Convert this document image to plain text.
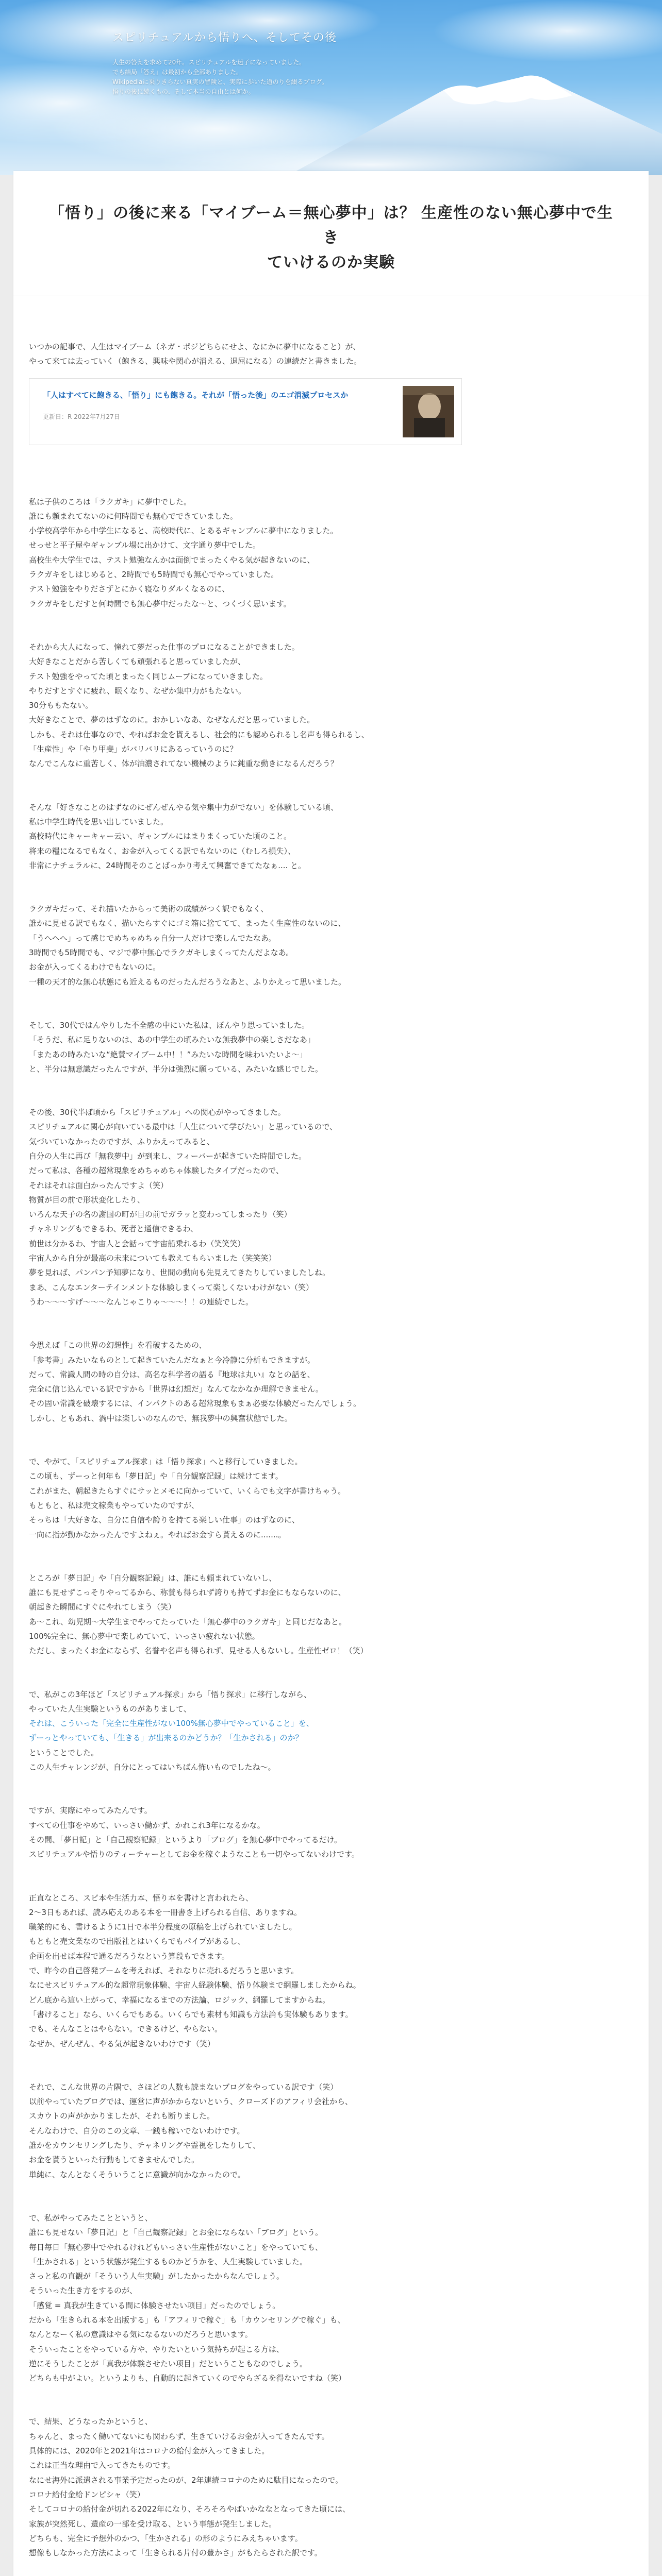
スピリチュアルから悟りへ、そしてその後

人生の答えを求めて20年。スピリチュアルを迷子になっていました。

でも結局「答え」は最初から全部ありました。

Wikipediaに乗りきらない真実の冒険と、実際に歩いた道のりを綴るブログ。

悟りの後に続くもの、そして本当の自由とは何か。

「悟り」の後に来る「マイブーム＝無心夢中」は？ 生産性のない無心夢中で生き
ていけるのか実験

いつかの記事で、人生はマイブーム（ネガ・ポジどちらにせよ、なにかに夢中になること）が、
やって来ては去っていく（飽きる、興味や関心が消える、退屈になる）の連続だと書きました。

「人はすべてに飽きる、「悟り」にも飽きる。それが「悟った後」のエゴ消滅プロセスか
更新日：R 2022年7月27日

私は子供のころは「ラクガキ」に夢中でした。
誰にも頼まれてないのに何時間でも無心でできていました。
小学校高学年から中学生になると、高校時代に、とあるギャンブルに夢中になりました。
せっせと平子屋やギャンブル場に出かけて、文字通り夢中でした。
高校生や大学生では、テスト勉強なんかは面倒でまったくやる気が起きないのに、
ラクガキをしはじめると、2時間でも5時間でも無心でやっていました。
テスト勉強をやりださずとにかく寝なりダルくなるのに、
ラクガキをしだすと何時間でも無心夢中だったな〜と、つくづく思います。

それから大人になって、憧れて夢だった仕事のプロになることができました。
大好きなことだから苦しくても頑張れると思っていましたが、
テスト勉強をやってた頃とまったく同じムーブになっていきました。
やりだすとすぐに疲れ、眠くなり、なぜか集中力がもたない。
30分ももたない。
大好きなことで、夢のはずなのに。おかしいなあ、なぜなんだと思っていました。
しかも、それは仕事なので、やればお金を貰えるし、社会的にも認められるし名声も得られるし、
「生産性」や「やり甲斐」がバリバリにあるっていうのに？
なんでこんなに重苦しく、体が油濃されてない機械のように鈍重な動きになるんだろう？

そんな「好きなことのはずなのにぜんぜんやる気や集中力がでない」を体験している頃、
私は中学生時代を思い出していました。
高校時代にキャーキャー云い、ギャンブルにはまりまくっていた頃のこと。
将来の糧になるでもなく、お金が入ってくる訳でもないのに（むしろ損失）、
非常にナチュラルに、24時間そのことばっかり考えて興奮できてたなぁ.... と。

ラクガキだって、それ描いたからって美術の成績がつく訳でもなく、
誰かに見せる訳でもなく、描いたらすぐにゴミ箱に捨ててて、まったく生産性のないのに、
「うへへへ」って感じでめちゃめちゃ自分一人だけで楽しんでたなあ。
3時間でも5時間でも、マジで夢中無心でラクガキしまくってたんだよなあ。
お金が入ってくるわけでもないのに。
一種の天才的な無心状態にも近えるものだったんだろうなあと、ふりかえって思いました。

そして、30代ではんやりした不全感の中にいた私は、ぼんやり思っていました。
「そうだ、私に足りないのは、あの中学生の頃みたいな無我夢中の楽しさだなあ」
「またあの時みたいな“絶賛マイブーム中！！”みたいな時間を味わいたいよ〜」
と、半分は無意識だったんですが、半分は強烈に願っている、みたいな感じでした。

その後、30代半ば頃から「スピリチュアル」への関心がやってきました。
スピリチュアルに関心が向いている最中は「人生について学びたい」と思っているので、
気づいていなかったのですが、ふりかえってみると、
自分の人生に再び「無我夢中」が到来し、フィーバーが起きていた時間でした。
だって私は、各種の超常現象をめちゃめちゃ体験したタイプだったので、
それはそれは面白かったんですよ（笑）
物質が目の前で形状変化したり、
いろんな天子の名の謝国の町が目の前でガラッと変わってしまったり（笑）
チャネリングもできるわ、死者と通信できるわ、
前世は分かるわ、宇宙人と会話って宇宙船乗れるわ（笑笑笑）
宇宙人から自分が最高の未来についても教えてもらいました（笑笑笑）
夢を見れば、パンパン予知夢になり、世間の動向も先見えてきたりしていましたしね。
まあ、こんなエンターテインメントな体験しまくって楽しくないわけがない（笑）
うわ〜〜〜すげ〜〜〜なんじゃこりゃ〜〜〜！！の連続でした。

今思えば「この世界の幻想性」を看破するための、
「参考書」みたいなものとして起きていたんだなぁと今冷静に分析もできますが。
だって、常識人間の時の自分は、高名な科学者の語る『地球は丸い』なとの話を、
完全に信じ込んでいる訳ですから「世界は幻想だ」なんてなかなか理解できません。
その固い常識を破壊するには、インパクトのある超常現象もまぁ必要な体験だったんでしょう。
しかし、ともあれ、渦中は楽しいのなんので、無我夢中の興奮状態でした。

で、やがて、「スピリチュアル探求」は「悟り探求」へと移行していきました。
この頃も、ずーっと何年も「夢日記」や「自分観察記録」は続けてます。
これがまた、朝起きたらすぐにサッとメモに向かっていて、いくらでも文字が書けちゃう。
もともと、私は売文稼業もやっていたのですが、
そっちは「大好きな、自分に自信や誇りを持てる楽しい仕事」のはずなのに、
一向に指が動かなかったんですよねぇ。やればお金すら貰えるのに.......。

ところが「夢日記」や「自分観察記録」は、誰にも頼まれていないし、
誰にも見せずこっそりやってるから、称賛も得られず誇りも持てずお金にもならないのに、
朝起きた瞬間にすぐにやれてしまう（笑）
あ〜これ、幼児期〜大学生までやってたっていた「無心夢中のラクガキ」と同じだなあと。
100%完全に、無心夢中で楽しめていて、いっさい疲れない状態。
ただし、まったくお金にならず、名誉や名声も得られず、見せる人もないし。生産性ゼロ！（笑）

で、私がこの3年ほど「スピリチュアル探求」から「悟り探求」に移行しながら、
やっていた人生実験というものがありまして、
それは、こういった「完全に生産性がない100%無心夢中でやっていること」を、
ずーっとやっていても、「生きる」が出来るのかどうか？「生かされる」のか？
ということでした。
この人生チャレンジが、自分にとってはいちばん怖いものでしたね〜。

ですが、実際にやってみたんです。
すべての仕事をやめて、いっさい働かず、かれこれ3年になるかな。
その間、「夢日記」と「自己観察記録」というより「ブログ」を無心夢中でやってるだけ。
スピリチュアルや悟りのティーチャーとしてお金を稼ぐようなことも一切やってないわけです。

正直なところ、スピ本や生活力本、悟り本を書けと言われたら、
2〜3日もあれば、読み応えのある本を一冊書き上げられる自信、ありますね。
職業的にも、書けるように1日で本半分程度の原稿を上げられていましたし。
もともと売文業なので出版社とはいくらでもパイプがあるし、
企画を出せば本程で通るだろうなという算段もできます。
で、昨今の自己啓発ブームを考えれば、それなりに売れるだろうと思います。
なにせスピリチュアル的な超常現象体験、宇宙人経験体験、悟り体験まで網羅しましたからね。
どん底から這い上がって、幸福になるまでの方法論、ロジック、網羅してますからね。
「書けること」なら、いくらでもある。いくらでも素材も知識も方法論も実体験もあります。
でも、そんなことはやらない。できるけど、やらない。
なぜか、ぜんぜん、やる気が起きないわけです（笑）

それで、こんな世界の片隅で、さほどの人数も読まないブログをやっている訳です（笑）
以前やっていたブログでは、運営に声がかからないという、クローズドのアフィリ会社から、
スカウトの声がかかりましたが、それも断りました。
そんなわけで、自分のこの文章、一銭も稼いでないわけです。
誰かをカウンセリングしたり、チャネリングや霊視をしたりして、
お金を貰うといった行動もしてきませんでした。
単純に、なんとなくそういうことに意識が向かなかったので。

で、私がやってみたことというと、
誰にも見せない「夢日記」と「自己観察記録」とお金にならない「ブログ」という。
毎日毎日「無心夢中でやれるけれどもいっさい生産性がないこと」をやっていても、
「生かされる」という状態が発生するものかどうかを、人生実験していました。
さっと私の直観が「そういう人生実験」がしたかったからなんでしょう。
そういった生き方をするのが、
「感覚 = 真我が生きている間に体験させたい项目」だったのでしょう。
だから「生きられる本を出版する」も「アフィリで稼ぐ」も「カウンセリングで稼ぐ」も、
なんとなーく私の意識はやる気になるないのだろうと思います。
そういったことをやっている方や、やりたいという気持ちが起こる方は、
逆にそうしたことが「真我が体験させたい项目」だということもなのでしょう。
どちらも中がよい。というよりも、自動的に起きていくのでやらざるを得ないですね（笑）

で、結果、どうなったかというと、
ちゃんと、まったく働いてないにも関わらず、生きていけるお金が入ってきたんです。
具体的には、2020年と2021年はコロナの給付金が入ってきました。
これは正当な理由で入ってきたものです。
なにせ海外に派遣される事業予定だったのが、2年連続コロナのために駄目になったので。
コロナ給付金給ドンピシャ（笑）
そしてコロナの給付金が切れる2022年になり、そろそろやばいかななとなってきた頃には、
家族が突然死し、遺産の一部を受け取る、という事態が発生しました。
どちらも、完全に予想外のかつ、「生かされる」の形のようにみえちゃいます。
想像もしなかった方法によって「生きられる片付の豊かさ」がもたらされた訳です。
